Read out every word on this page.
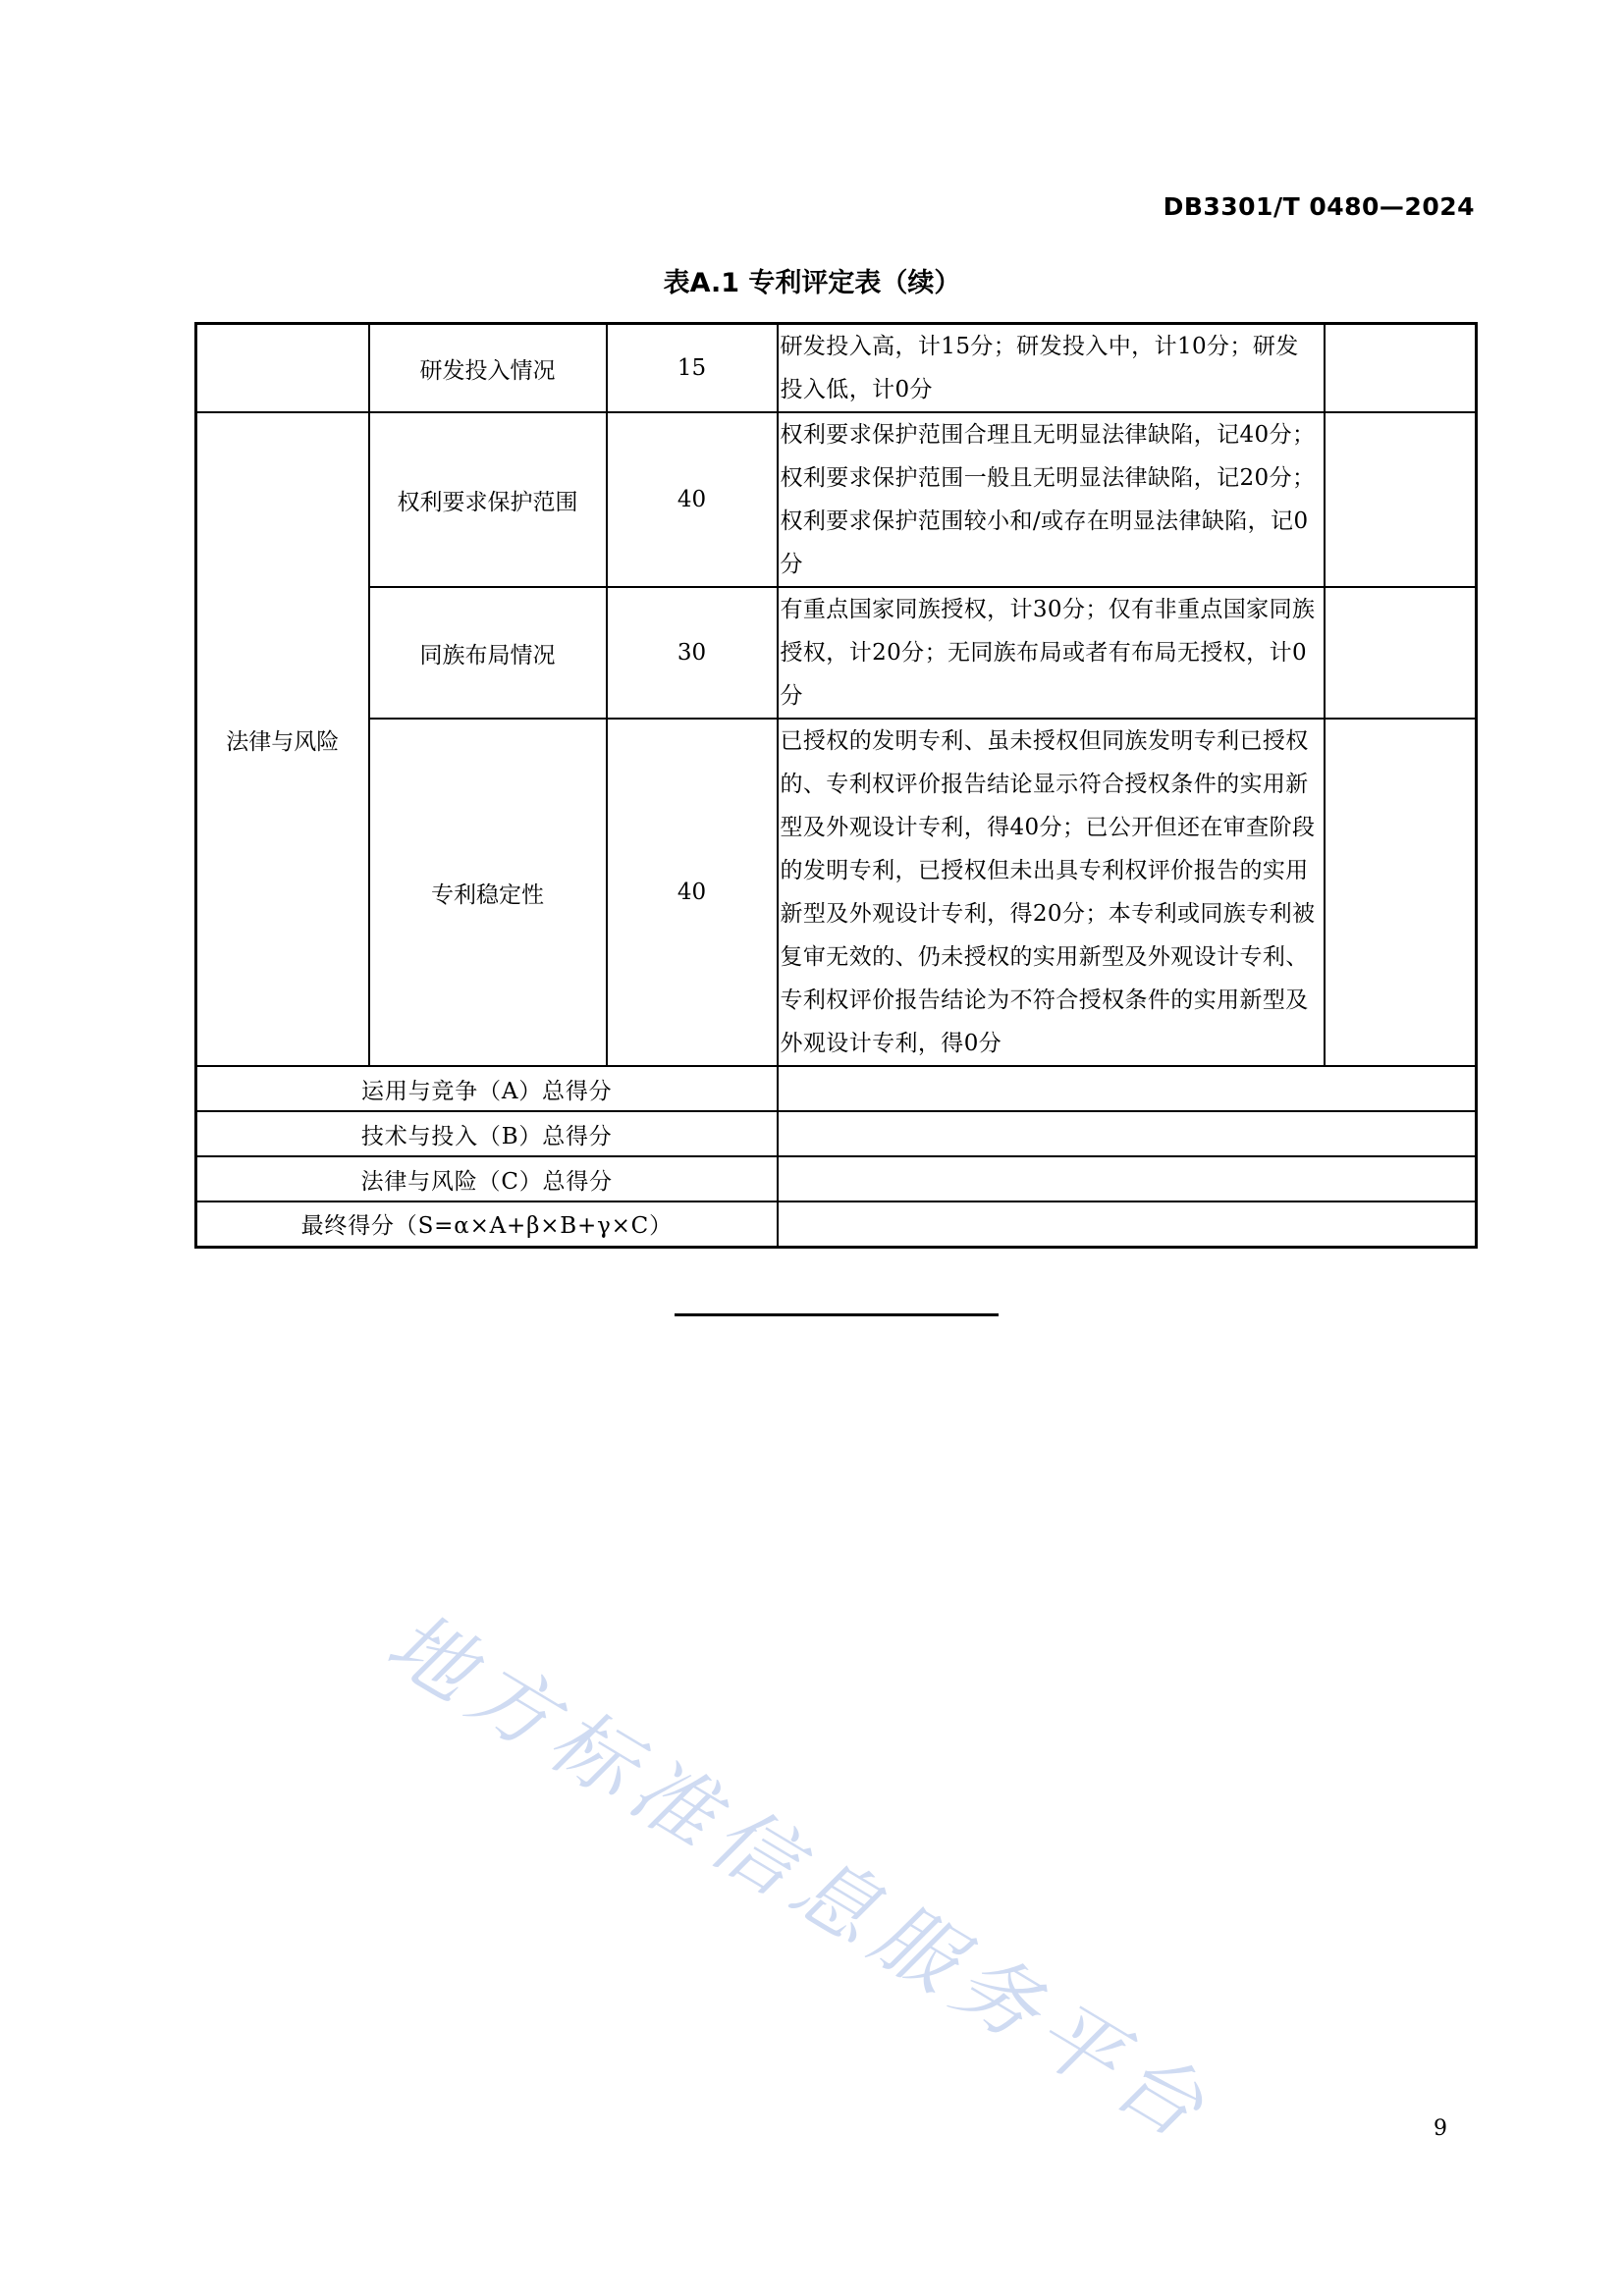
DB3301/T 0480—2024
表A.1 专利评定表（续）
	研发投入情况	15	研发投入高，计15分；研发投入中，计10分；研发投入低，计0分	
法律与风险	权利要求保护范围	40	权利要求保护范围合理且无明显法律缺陷，记40分；权利要求保护范围一般且无明显法律缺陷，记20分；权利要求保护范围较小和/或存在明显法律缺陷，记0分	
	同族布局情况	30	有重点国家同族授权，计30分；仅有非重点国家同族授权，计20分；无同族布局或者有布局无授权，计0分	
	专利稳定性	40	已授权的发明专利、虽未授权但同族发明专利已授权的、专利权评价报告结论显示符合授权条件的实用新型及外观设计专利，得40分；已公开但还在审查阶段的发明专利，已授权但未出具专利权评价报告的实用新型及外观设计专利，得20分；本专利或同族专利被复审无效的、仍未授权的实用新型及外观设计专利、专利权评价报告结论为不符合授权条件的实用新型及外观设计专利，得0分	
运用与竞争（A）总得分				
技术与投入（B）总得分				
法律与风险（C）总得分				
最终得分（S=α×A+β×B+γ×C）				
地方标准信息服务平台	9
